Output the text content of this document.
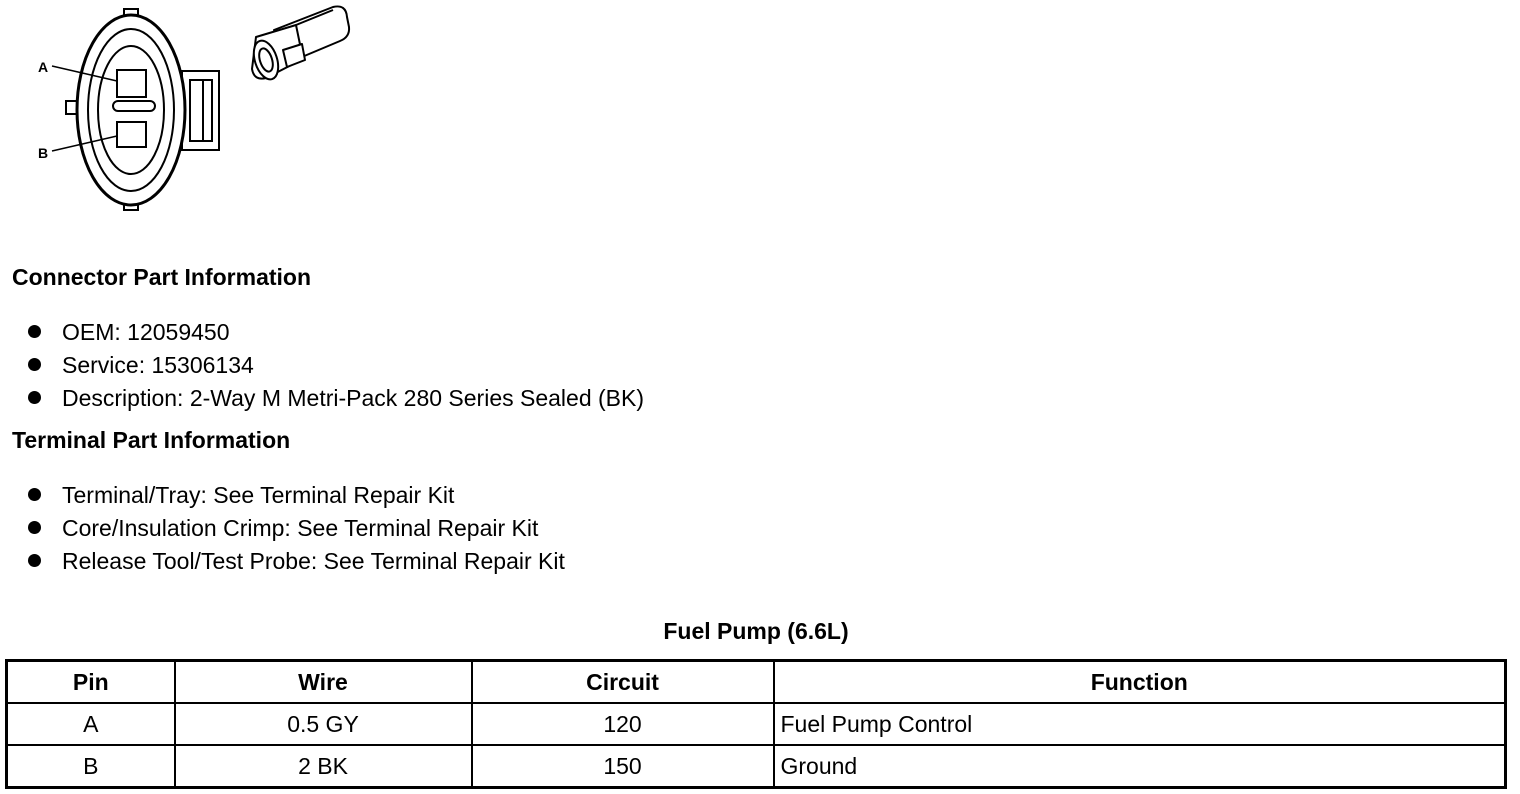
A
B
Connector Part Information
OEM: 12059450
Service: 15306134
Description: 2-Way M Metri-Pack 280 Series Sealed (BK)
Terminal Part Information
Terminal/Tray: See Terminal Repair Kit
Core/Insulation Crimp: See Terminal Repair Kit
Release Tool/Test Probe: See Terminal Repair Kit
Fuel Pump (6.6L)
Pin	Wire	Circuit	Function
A	0.5 GY	120	Fuel Pump Control
B	2 BK	150	Ground
